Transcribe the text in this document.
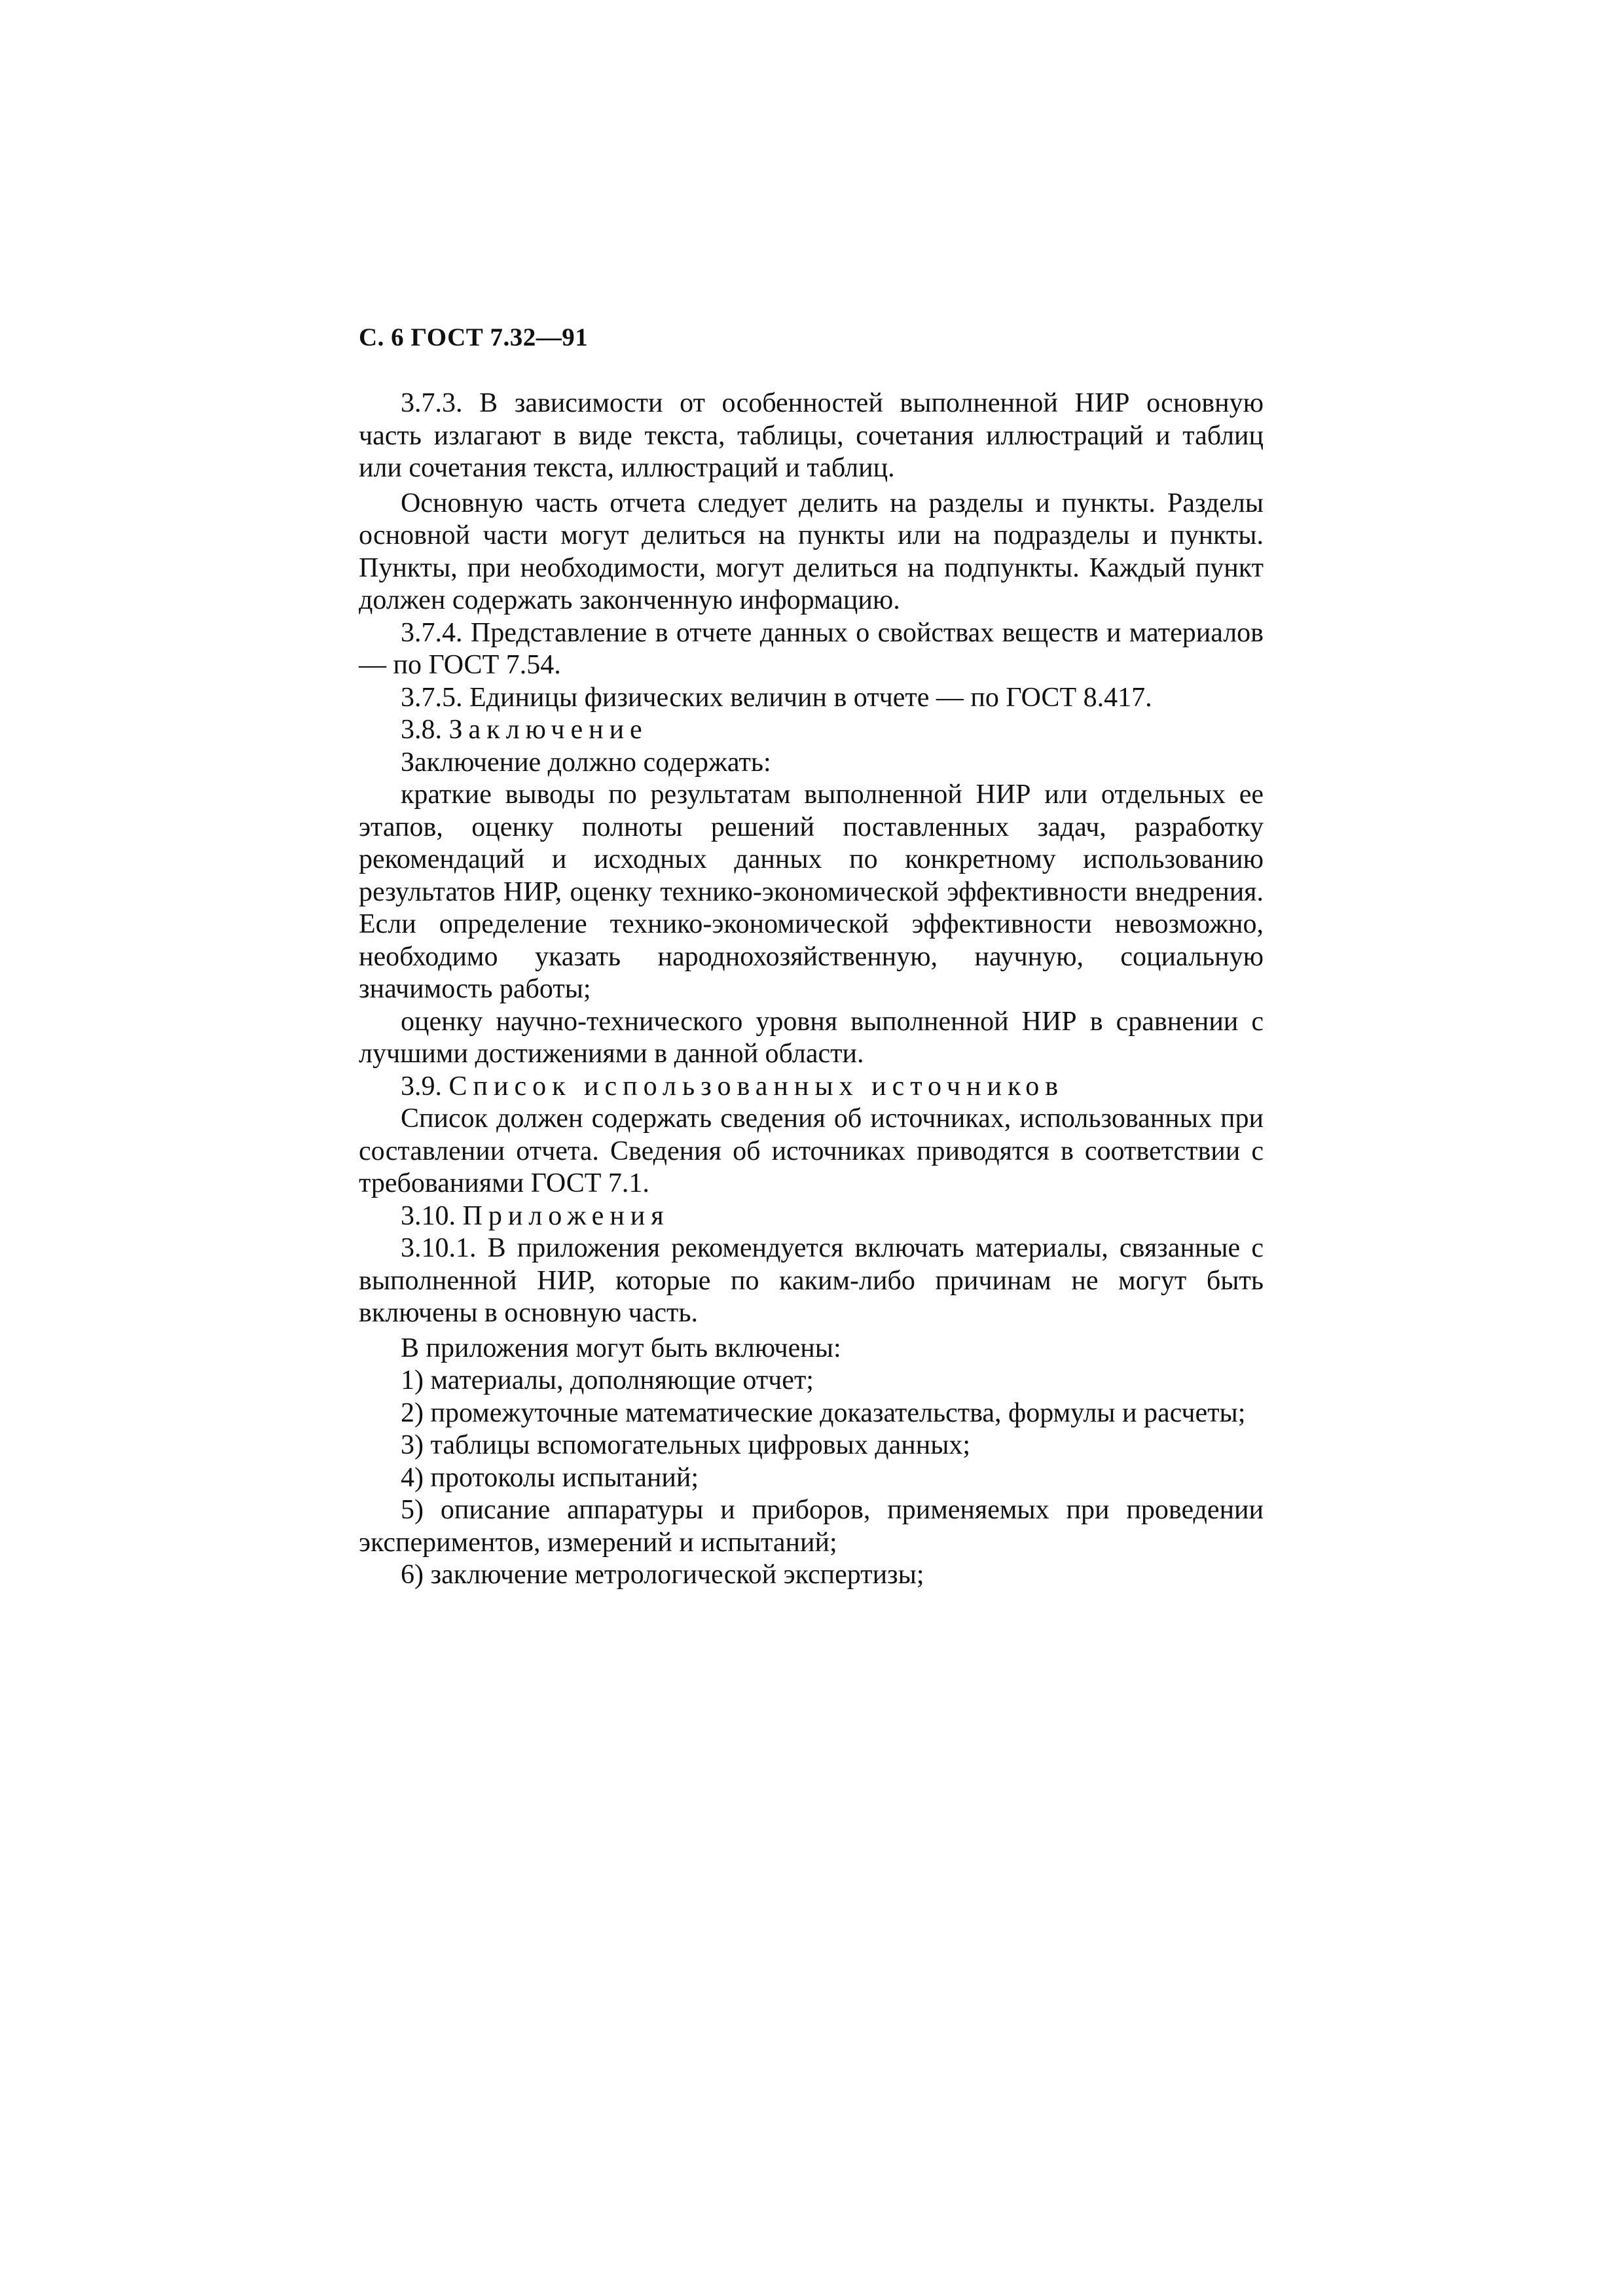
С. 6 ГОСТ 7.32—91

3.7.3. В зависимости от особенностей выполненной НИР основную часть излагают в виде текста, таблицы, сочетания иллюстраций и таблиц или сочетания текста, иллюстраций и таблиц.

Основную часть отчета следует делить на разделы и пункты. Разделы основной части могут делиться на пункты или на подразделы и пункты. Пункты, при необходимости, могут делиться на подпункты. Каждый пункт должен содержать законченную информацию.

3.7.4. Представление в отчете данных о свойствах веществ и материалов — по ГОСТ 7.54.

3.7.5. Единицы физических величин в отчете — по ГОСТ 8.417.

3.8. Заключение

Заключение должно содержать:

краткие выводы по результатам выполненной НИР или отдельных ее этапов, оценку полноты решений поставленных задач, разработку рекомендаций и исходных данных по конкретному использованию результатов НИР, оценку технико-экономической эффективности внедрения. Если определение технико-экономической эффективности невозможно, необходимо указать народнохозяйственную, научную, социальную значимость работы;

оценку научно-технического уровня выполненной НИР в сравнении с лучшими достижениями в данной области.

3.9. Список использованных источников

Список должен содержать сведения об источниках, использованных при составлении отчета. Сведения об источниках приводятся в соответствии с требованиями ГОСТ 7.1.

3.10. Приложения

3.10.1. В приложения рекомендуется включать материалы, связанные с выполненной НИР, которые по каким-либо причинам не могут быть включены в основную часть.

В приложения могут быть включены:

1) материалы, дополняющие отчет;

2) промежуточные математические доказательства, формулы и расчеты;

3) таблицы вспомогательных цифровых данных;

4) протоколы испытаний;

5) описание аппаратуры и приборов, применяемых при проведении экспериментов, измерений и испытаний;

6) заключение метрологической экспертизы;
